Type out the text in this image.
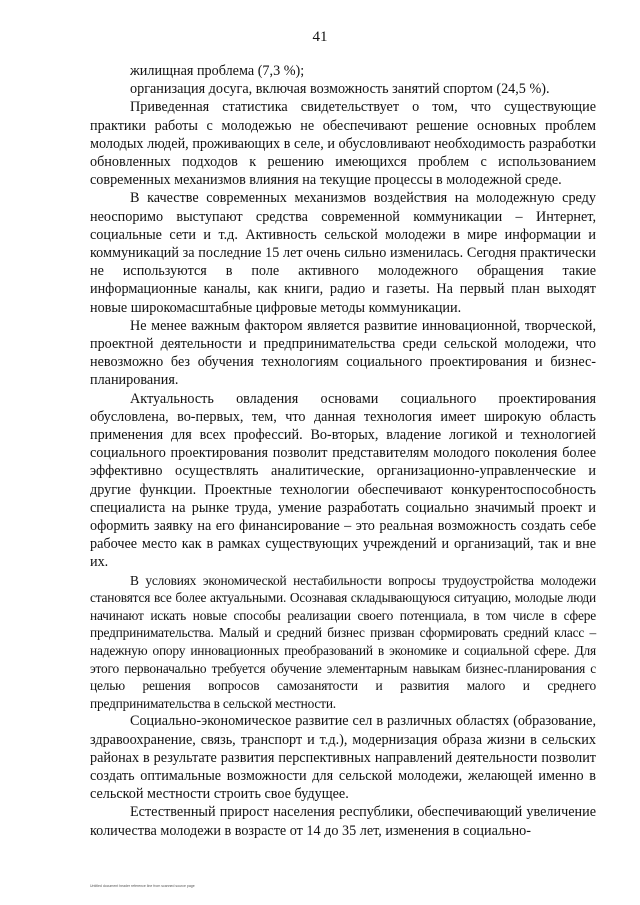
41

жилищная проблема (7,3 %);

организация досуга, включая возможность занятий спортом (24,5 %).

Приведенная статистика свидетельствует о том, что существующие практики работы с молодежью не обеспечивают решение основных проблем молодых людей, проживающих в селе, и обусловливают необходимость разработки обновленных подходов к решению имеющихся проблем с использованием современных механизмов влияния на текущие процессы в молодежной среде.

В качестве современных механизмов воздействия на молодежную среду неоспоримо выступают средства современной коммуникации – Интернет, социальные сети и т.д. Активность сельской молодежи в мире информации и коммуникаций за последние 15 лет очень сильно изменилась. Сегодня практически не используются в поле активного молодежного обращения такие информационные каналы, как книги, радио и газеты. На первый план выходят новые широкомасштабные цифровые методы коммуникации.

Не менее важным фактором является развитие инновационной, творческой, проектной деятельности и предпринимательства среди сельской молодежи, что невозможно без обучения технологиям социального проектирования и бизнес-планирования.

Актуальность овладения основами социального проектирования обусловлена, во-первых, тем, что данная технология имеет широкую область применения для всех профессий. Во-вторых, владение логикой и технологией социального проектирования позволит представителям молодого поколения более эффективно осуществлять аналитические, организационно-управленческие и другие функции. Проектные технологии обеспечивают конкурентоспособность специалиста на рынке труда, умение разработать социально значимый проект и оформить заявку на его финансирование – это реальная возможность создать себе рабочее место как в рамках существующих учреждений и организаций, так и вне их.

В условиях экономической нестабильности вопросы трудоустройства молодежи становятся все более актуальными. Осознавая складывающуюся ситуацию, молодые люди начинают искать новые способы реализации своего потенциала, в том числе в сфере предпринимательства. Малый и средний бизнес призван сформировать средний класс – надежную опору инновационных преобразований в экономике и социальной сфере. Для этого первоначально требуется обучение элементарным навыкам бизнес-планирования с целью решения вопросов самозанятости и развития малого и среднего предпринимательства в сельской местности.

Социально-экономическое развитие сел в различных областях (образование, здравоохранение, связь, транспорт и т.д.), модернизация образа жизни в сельских районах в результате развития перспективных направлений деятельности позволит создать оптимальные возможности для сельской молодежи, желающей именно в сельской местности строить свое будущее.

Естественный прирост населения республики, обеспечивающий увеличение количества молодежи в возрасте от 14 до 35 лет, изменения в социально-

Untitled document header reference line from scanned source page
